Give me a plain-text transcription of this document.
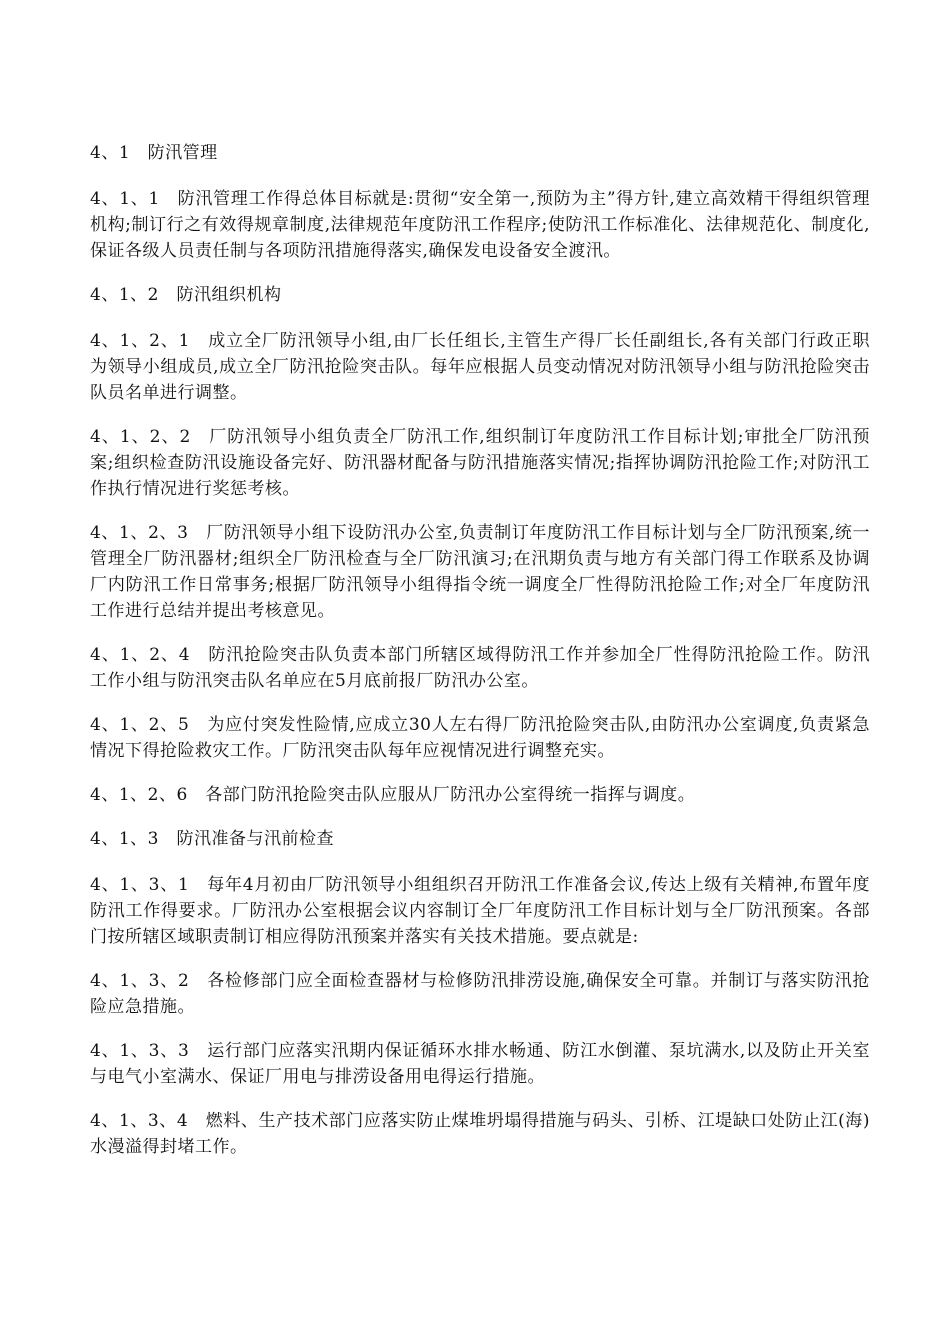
4、1　防汛管理

4、1、1　防汛管理工作得总体目标就是:贯彻“安全第一,预防为主”得方针,建立高效精干得组织管理机构;制订行之有效得规章制度,法律规范年度防汛工作程序;使防汛工作标准化、法律规范化、制度化,保证各级人员责任制与各项防汛措施得落实,确保发电设备安全渡汛。

4、1、2　防汛组织机构

4、1、2、1　成立全厂防汛领导小组,由厂长任组长,主管生产得厂长任副组长,各有关部门行政正职为领导小组成员,成立全厂防汛抢险突击队。每年应根据人员变动情况对防汛领导小组与防汛抢险突击队员名单进行调整。

4、1、2、2　厂防汛领导小组负责全厂防汛工作,组织制订年度防汛工作目标计划;审批全厂防汛预案;组织检查防汛设施设备完好、防汛器材配备与防汛措施落实情况;指挥协调防汛抢险工作;对防汛工作执行情况进行奖惩考核。

4、1、2、3　厂防汛领导小组下设防汛办公室,负责制订年度防汛工作目标计划与全厂防汛预案,统一管理全厂防汛器材;组织全厂防汛检查与全厂防汛演习;在汛期负责与地方有关部门得工作联系及协调厂内防汛工作日常事务;根据厂防汛领导小组得指令统一调度全厂性得防汛抢险工作;对全厂年度防汛工作进行总结并提出考核意见。

4、1、2、4　防汛抢险突击队负责本部门所辖区域得防汛工作并参加全厂性得防汛抢险工作。防汛工作小组与防汛突击队名单应在5月底前报厂防汛办公室。

4、1、2、5　为应付突发性险情,应成立30人左右得厂防汛抢险突击队,由防汛办公室调度,负责紧急情况下得抢险救灾工作。厂防汛突击队每年应视情况进行调整充实。

4、1、2、6　各部门防汛抢险突击队应服从厂防汛办公室得统一指挥与调度。

4、1、3　防汛准备与汛前检查

4、1、3、1　每年4月初由厂防汛领导小组组织召开防汛工作准备会议,传达上级有关精神,布置年度防汛工作得要求。厂防汛办公室根据会议内容制订全厂年度防汛工作目标计划与全厂防汛预案。各部门按所辖区域职责制订相应得防汛预案并落实有关技术措施。要点就是:

4、1、3、2　各检修部门应全面检查器材与检修防汛排涝设施,确保安全可靠。并制订与落实防汛抢险应急措施。

4、1、3、3　运行部门应落实汛期内保证循环水排水畅通、防江水倒灌、泵坑满水,以及防止开关室与电气小室满水、保证厂用电与排涝设备用电得运行措施。

4、1、3、4　燃料、生产技术部门应落实防止煤堆坍塌得措施与码头、引桥、江堤缺口处防止江(海)水漫溢得封堵工作。
